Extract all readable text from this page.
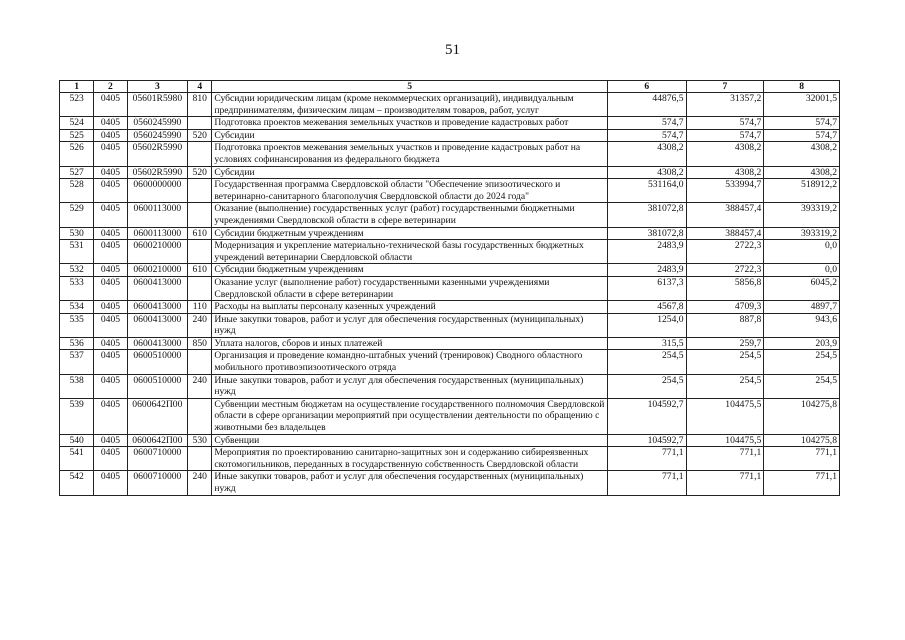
51
1	2	3	4	5	6	7	8
523	0405	05601R5980	810	Субсидии юридическим лицам (кроме некоммерческих организаций), индивидуальным предпринимателям, физическим лицам – производителям товаров, работ, услуг	44876,5	31357,2	32001,5
524	0405	0560245990		Подготовка проектов межевания земельных участков и проведение кадастровых работ	574,7	574,7	574,7
525	0405	0560245990	520	Субсидии	574,7	574,7	574,7
526	0405	05602R5990		Подготовка проектов межевания земельных участков и проведение кадастровых работ на условиях софинансирования из федерального бюджета	4308,2	4308,2	4308,2
527	0405	05602R5990	520	Субсидии	4308,2	4308,2	4308,2
528	0405	0600000000		Государственная программа Свердловской области "Обеспечение эпизоотического и ветеринарно-санитарного благополучия Свердловской области до 2024 года"	531164,0	533994,7	518912,2
529	0405	0600113000		Оказание (выполнение) государственных услуг (работ) государственными бюджетными учреждениями Свердловской области в сфере ветеринарии	381072,8	388457,4	393319,2
530	0405	0600113000	610	Субсидии бюджетным учреждениям	381072,8	388457,4	393319,2
531	0405	0600210000		Модернизация и укрепление материально-технической базы государственных бюджетных учреждений ветеринарии Свердловской области	2483,9	2722,3	0,0
532	0405	0600210000	610	Субсидии бюджетным учреждениям	2483,9	2722,3	0,0
533	0405	0600413000		Оказание услуг (выполнение работ) государственными казенными учреждениями Свердловской области в сфере ветеринарии	6137,3	5856,8	6045,2
534	0405	0600413000	110	Расходы на выплаты персоналу казенных учреждений	4567,8	4709,3	4897,7
535	0405	0600413000	240	Иные закупки товаров, работ и услуг для обеспечения государственных (муниципальных) нужд	1254,0	887,8	943,6
536	0405	0600413000	850	Уплата налогов, сборов и иных платежей	315,5	259,7	203,9
537	0405	0600510000		Организация и проведение командно-штабных учений (тренировок) Сводного областного мобильного противоэпизоотического отряда	254,5	254,5	254,5
538	0405	0600510000	240	Иные закупки товаров, работ и услуг для обеспечения государственных (муниципальных) нужд	254,5	254,5	254,5
539	0405	0600642П00		Субвенции местным бюджетам на осуществление государственного полномочия Свердловской области в сфере организации мероприятий при осуществлении деятельности по обращению с животными без владельцев	104592,7	104475,5	104275,8
540	0405	0600642П00	530	Субвенции	104592,7	104475,5	104275,8
541	0405	0600710000		Мероприятия по проектированию санитарно-защитных зон и содержанию сибиреязвенных скотомогильников, переданных в государственную собственность Свердловской области	771,1	771,1	771,1
542	0405	0600710000	240	Иные закупки товаров, работ и услуг для обеспечения государственных (муниципальных) нужд	771,1	771,1	771,1
